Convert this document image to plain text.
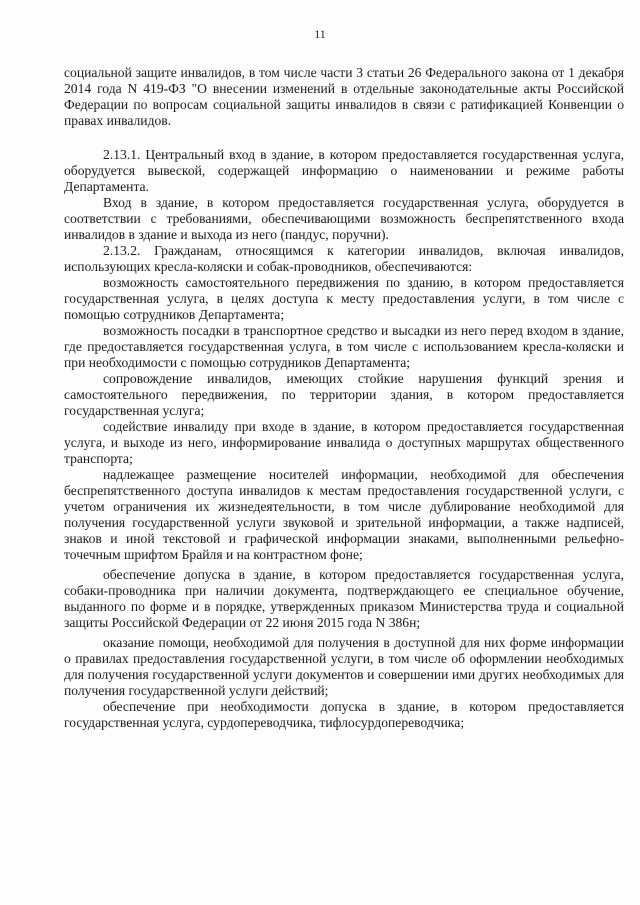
11

социальной защите инвалидов, в том числе части 3 статьи 26 Федерального закона от 1 декабря 2014 года N 419-ФЗ "О внесении изменений в отдельные законодательные акты Российской Федерации по вопросам социальной защиты инвалидов в связи с ратификацией Конвенции о правах инвалидов.

2.13.1. Центральный вход в здание, в котором предоставляется государственная услуга, оборудуется вывеской, содержащей информацию о наименовании и режиме работы Департамента.

Вход в здание, в котором предоставляется государственная услуга, оборудуется в соответствии с требованиями, обеспечивающими возможность беспрепятственного входа инвалидов в здание и выхода из него (пандус, поручни).

2.13.2. Гражданам, относящимся к категории инвалидов, включая инвалидов, использующих кресла-коляски и собак-проводников, обеспечиваются:

возможность самостоятельного передвижения по зданию, в котором предоставляется государственная услуга, в целях доступа к месту предоставления услуги, в том числе с помощью сотрудников Департамента;

возможность посадки в транспортное средство и высадки из него перед входом в здание, где предоставляется государственная услуга, в том числе с использованием кресла-коляски и при необходимости с помощью сотрудников Департамента;

сопровождение инвалидов, имеющих стойкие нарушения функций зрения и самостоятельного передвижения, по территории здания, в котором предоставляется государственная услуга;

содействие инвалиду при входе в здание, в котором предоставляется государственная услуга, и выходе из него, информирование инвалида о доступных маршрутах общественного транспорта;

надлежащее размещение носителей информации, необходимой для обеспечения беспрепятственного доступа инвалидов к местам предоставления государственной услуги, с учетом ограничения их жизнедеятельности, в том числе дублирование необходимой для получения государственной услуги звуковой и зрительной информации, а также надписей, знаков и иной текстовой и графической информации знаками, выполненными рельефно-точечным шрифтом Брайля и на контрастном фоне;

обеспечение допуска в здание, в котором предоставляется государственная услуга, собаки-проводника при наличии документа, подтверждающего ее специальное обучение, выданного по форме и в порядке, утвержденных приказом Министерства труда и социальной защиты Российской Федерации от 22 июня 2015 года N 386н;

оказание помощи, необходимой для получения в доступной для них форме информации о правилах предоставления государственной услуги, в том числе об оформлении необходимых для получения государственной услуги документов и совершении ими других необходимых для получения государственной услуги действий;

обеспечение при необходимости допуска в здание, в котором предоставляется государственная услуга, сурдопереводчика, тифлосурдопереводчика;
